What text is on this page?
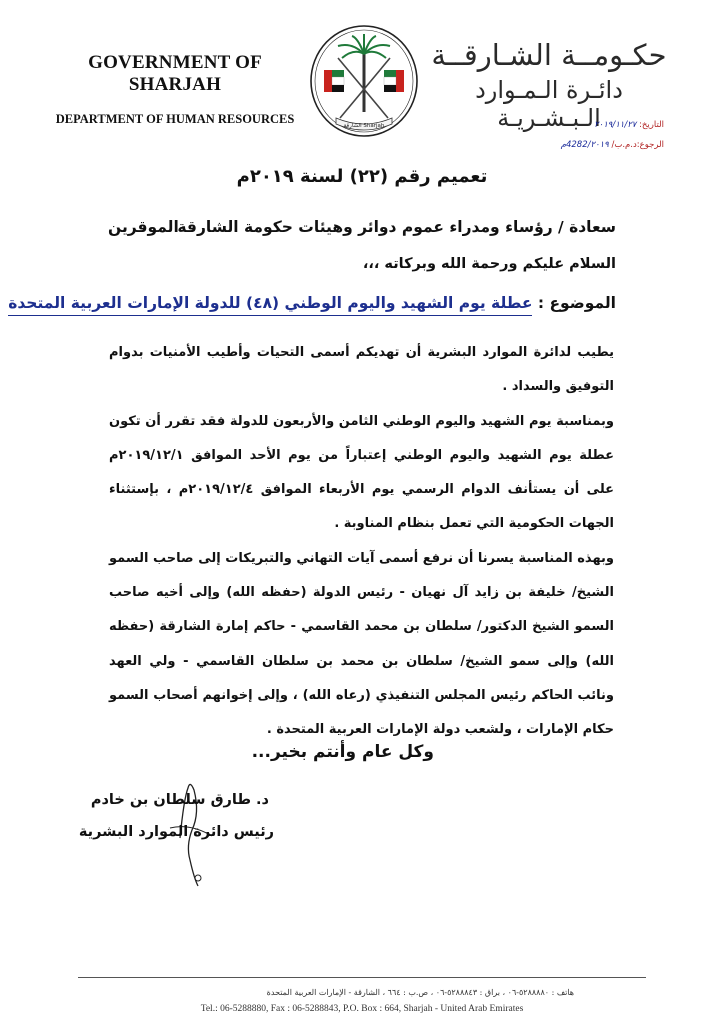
GOVERNMENT OF SHARJAH
DEPARTMENT OF HUMAN RESOURCES	الشارقة Sharjah
حكـومــة الشـارقــة
دائـرة الـمـوارد الـبـشـريـة	التاريخ: ٢٠١٩/١١/٢٧
الرجوع:د.م.ب/ 4282/٢٠١٩م
تعميم رقم (٢٢) لسنة ٢٠١٩م
سعادة / رؤساء ومدراء عموم دوائر وهيئات حكومة الشارقة
الموقرين
السلام عليكم ورحمة الله وبركاته ،،،
الموضوع : عطلة يوم الشهيد واليوم الوطني (٤٨) للدولة الإمارات العربية المتحدة

يطيب لدائرة الموارد البشرية أن تهديكم أسمى التحيات وأطيب الأمنيات بدوام التوفيق والسداد .

وبمناسبة يوم الشهيد واليوم الوطني الثامن والأربعون للدولة فقد تقرر أن تكون عطلة يوم الشهيد واليوم الوطني إعتباراً من يوم الأحد الموافق ٢٠١٩/١٢/١م على أن يستأنف الدوام الرسمي يوم الأربعاء الموافق ٢٠١٩/١٢/٤م ، بإستثناء الجهات الحكومية التي تعمل بنظام المناوبة .

وبهذه المناسبة يسرنا أن نرفع أسمى آيات التهاني والتبريكات إلى صاحب السمو الشيخ/ خليفة بن زايد آل نهيان - رئيس الدولة (حفظه الله) وإلى أخيه صاحب السمو الشيخ الدكتور/ سلطان بن محمد القاسمي - حاكم إمارة الشارقة (حفظه الله) وإلى سمو الشيخ/ سلطان بن محمد بن سلطان القاسمي - ولي العهد ونائب الحاكم رئيس المجلس التنفيذي (رعاه الله) ، وإلى إخوانهم أصحاب السمو حكام الإمارات ، ولشعب دولة الإمارات العربية المتحدة .

وكل عام وأنتم بخير...
د. طارق سلطان بن خادم
رئيس دائرة الموارد البشرية
هاتف : ٥٢٨٨٨٨٠-٠٦ ، براق : ٥٢٨٨٨٤٣-٠٦ ، ص.ب : ٦٦٤ ، الشارقة - الإمارات العربية المتحدة
Tel.: 06-5288880, Fax : 06-5288843, P.O. Box : 664, Sharjah - United Arab Emirates
